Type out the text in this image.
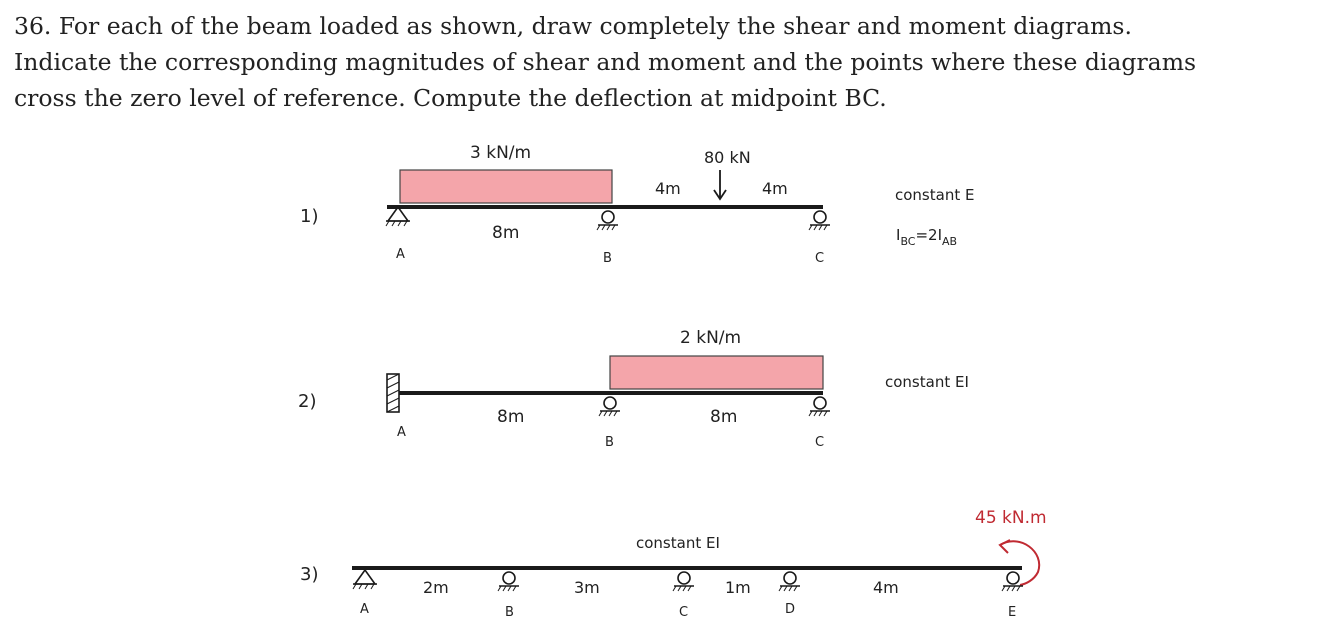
36. For each of the beam loaded as shown, draw completely the shear and moment diagrams.
Indicate the corresponding magnitudes of shear and moment and the points where these diagrams
cross the zero level of reference. Compute the deflection at midpoint BC.
1)
3 kN/m	80 kN
4m	4m
8m
A	B	C
constant E
$I_{BC}=2I_{AB}$
2)
2 kN/m
8m	8m
A
B	C
constant EI
3)
constant EI
45 kN.m
2m	3m	1m	4m
A	B	C	D	E
